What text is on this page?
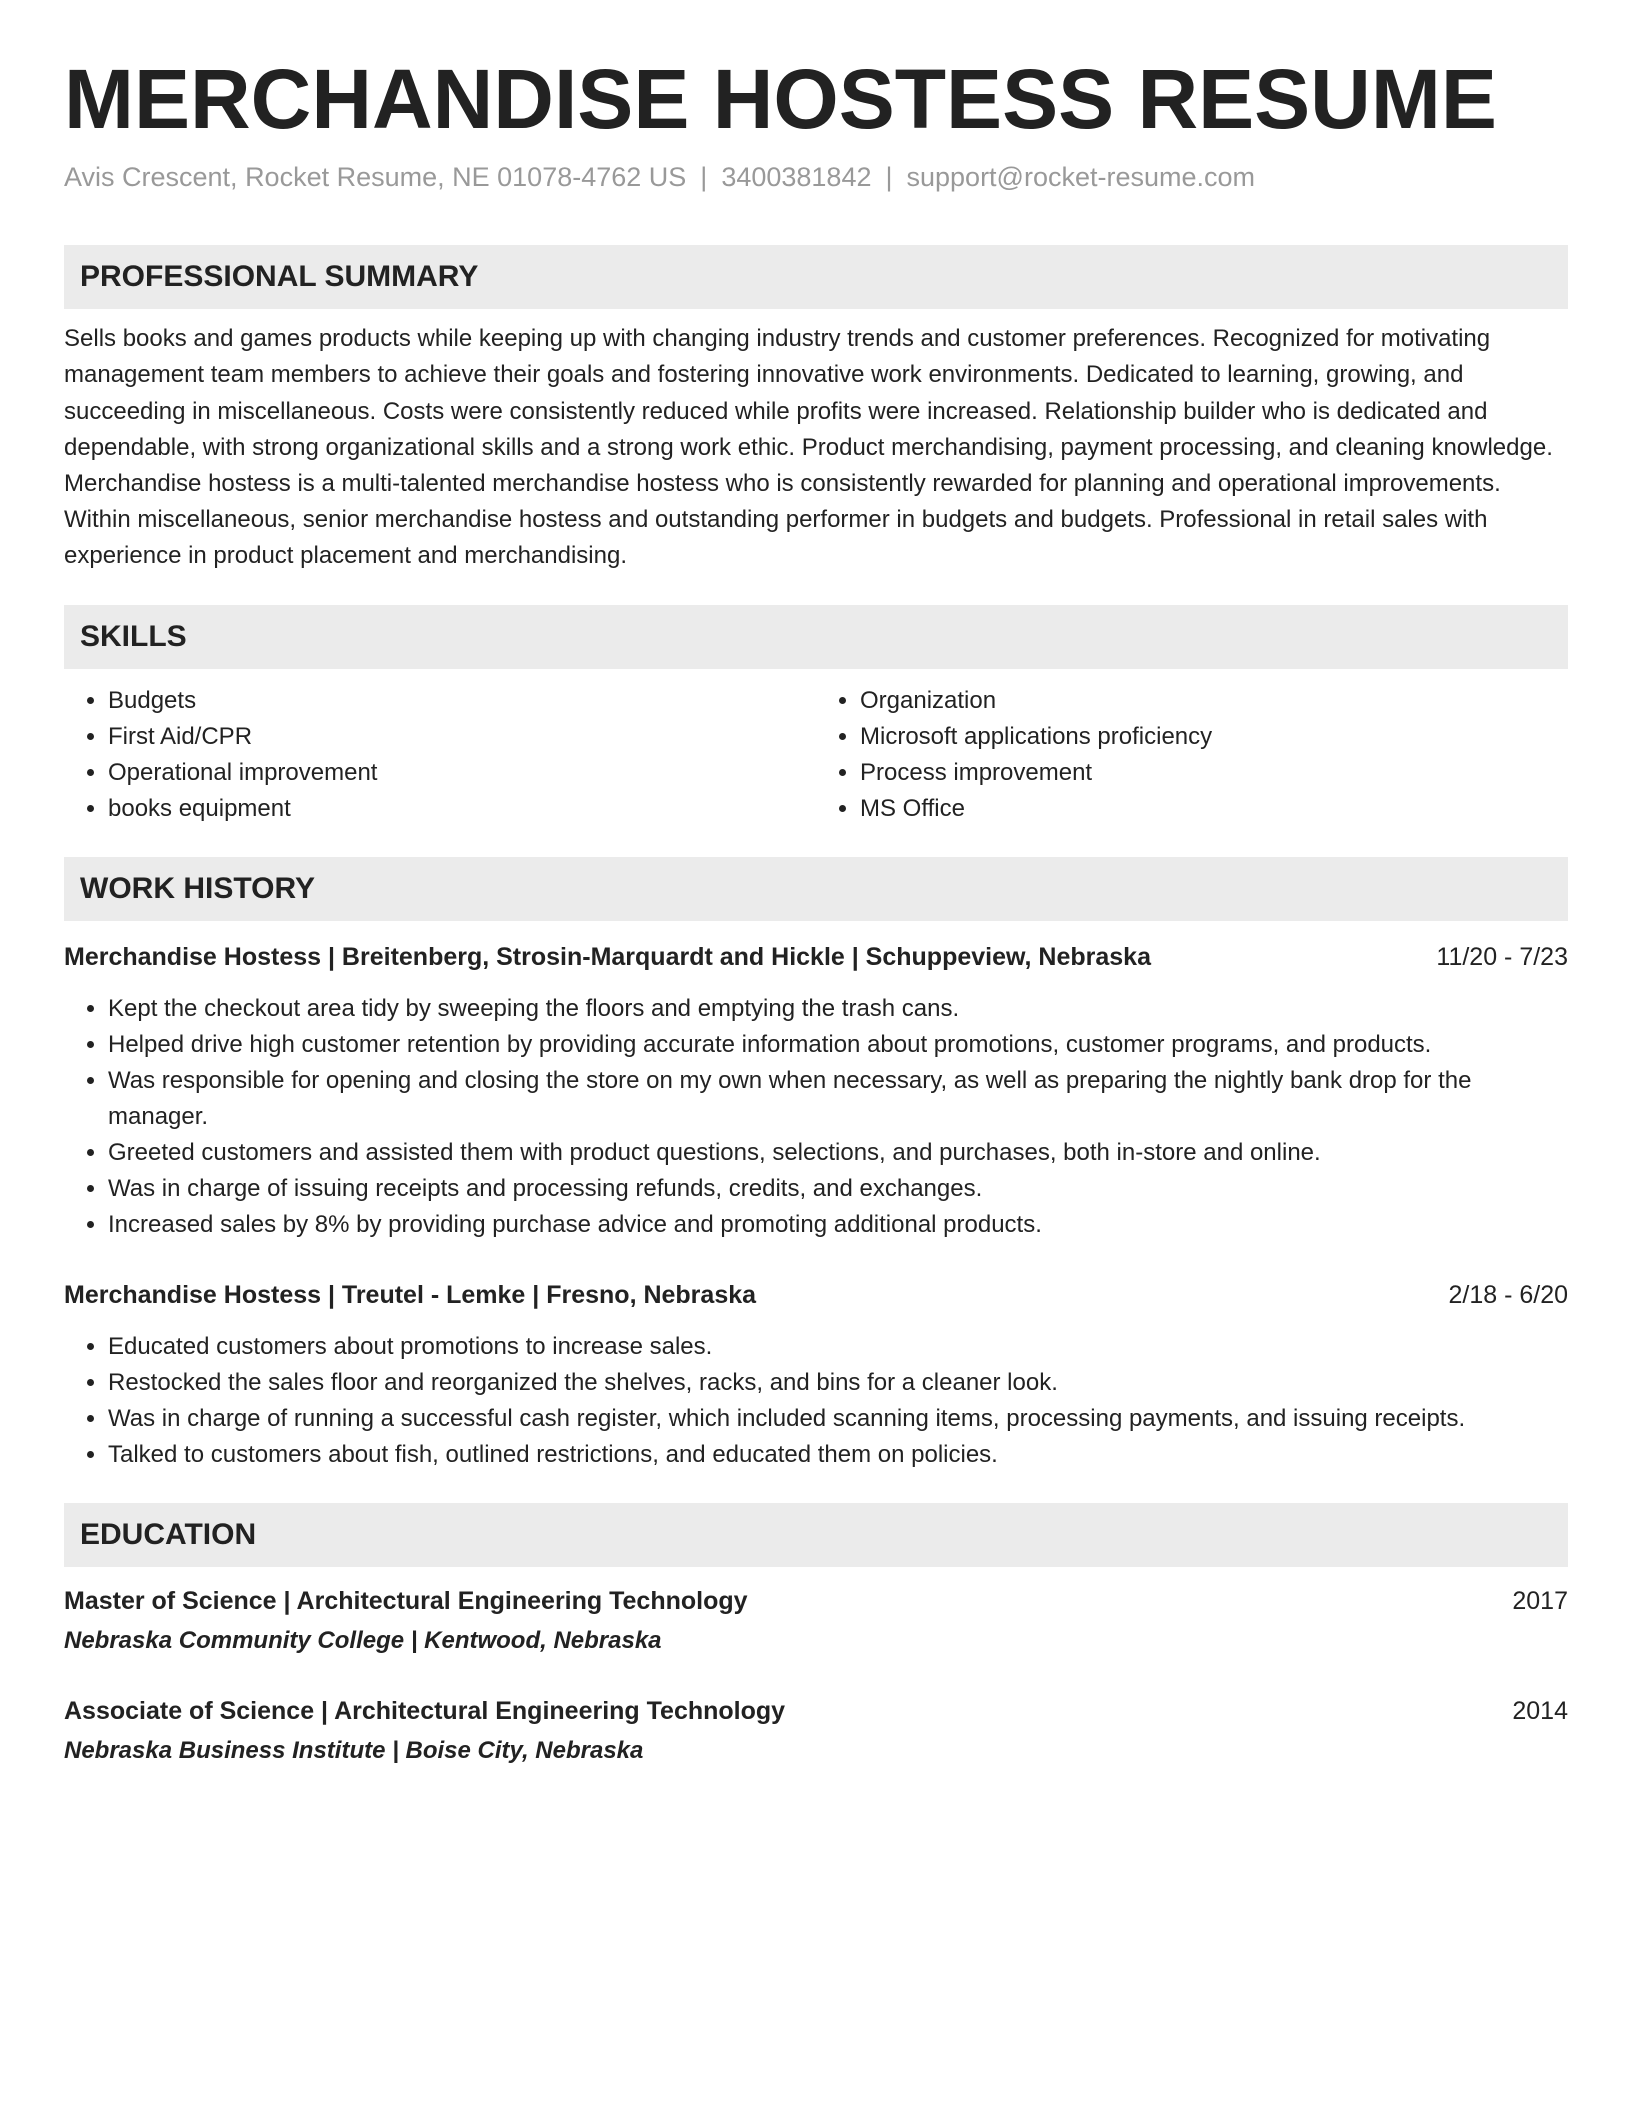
MERCHANDISE HOSTESS RESUME
Avis Crescent, Rocket Resume, NE 01078-4762 US | 3400381842 | support@rocket-resume.com
PROFESSIONAL SUMMARY
Sells books and games products while keeping up with changing industry trends and customer preferences. Recognized for motivating management team members to achieve their goals and fostering innovative work environments. Dedicated to learning, growing, and succeeding in miscellaneous. Costs were consistently reduced while profits were increased. Relationship builder who is dedicated and dependable, with strong organizational skills and a strong work ethic. Product merchandising, payment processing, and cleaning knowledge. Merchandise hostess is a multi-talented merchandise hostess who is consistently rewarded for planning and operational improvements. Within miscellaneous, senior merchandise hostess and outstanding performer in budgets and budgets. Professional in retail sales with experience in product placement and merchandising.
SKILLS
• Budgets
• First Aid/CPR
• Operational improvement
• books equipment
• Organization
• Microsoft applications proficiency
• Process improvement
• MS Office
WORK HISTORY
Merchandise Hostess | Breitenberg, Strosin-Marquardt and Hickle | Schuppeview, Nebraska	11/20 - 7/23
• Kept the checkout area tidy by sweeping the floors and emptying the trash cans.
• Helped drive high customer retention by providing accurate information about promotions, customer programs, and products.
• Was responsible for opening and closing the store on my own when necessary, as well as preparing the nightly bank drop for the manager.
• Greeted customers and assisted them with product questions, selections, and purchases, both in-store and online.
• Was in charge of issuing receipts and processing refunds, credits, and exchanges.
• Increased sales by 8% by providing purchase advice and promoting additional products.
Merchandise Hostess | Treutel - Lemke | Fresno, Nebraska	2/18 - 6/20
• Educated customers about promotions to increase sales.
• Restocked the sales floor and reorganized the shelves, racks, and bins for a cleaner look.
• Was in charge of running a successful cash register, which included scanning items, processing payments, and issuing receipts.
• Talked to customers about fish, outlined restrictions, and educated them on policies.
EDUCATION
Master of Science | Architectural Engineering Technology	2017
Nebraska Community College | Kentwood, Nebraska
Associate of Science | Architectural Engineering Technology	2014
Nebraska Business Institute | Boise City, Nebraska
